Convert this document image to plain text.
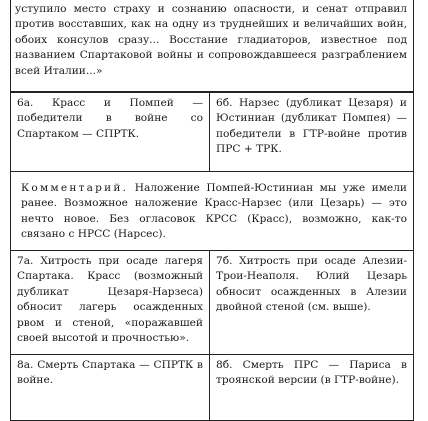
уступило место страху и сознанию опасности, и сенат отправил против восставших, как на одну из труднейших и величайших войн, обоих консулов сразу... Восстание гладиаторов, известное под названием Спартаковой войны и сопровождавшееся разграблением всей Италии...»

6а. Красс и Помпей — победители в войне со Спартаком — СПРТК.

6б. Нарзес (дубликат Цезаря) и Юстиниан (дубликат Помпея) — победители в ГТР-войне против ПРС + ТРК.

Комментарий. Наложение Помпей-Юстиниан мы уже имели ранее. Возможное наложение Красс-Нарзес (или Цезарь) — это нечто новое. Без огласовок КРСС (Красс), возможно, как-то связано с НРСС (Нарсес).

7а. Хитрость при осаде лагеря Спартака. Красс (возможный дубликат Цезаря-Нарзеса) обносит лагерь осажденных рвом и стеной, «поражавшей своей высотой и прочностью».

7б. Хитрость при осаде Алезии-Трои-Неаполя. Юлий Цезарь обносит осажденных в Алезии двойной стеной (см. выше).

8а. Смерть Спартака — СПРТК в войне.

8б. Смерть ПРС — Париса в троянской версии (в ГТР-войне).
